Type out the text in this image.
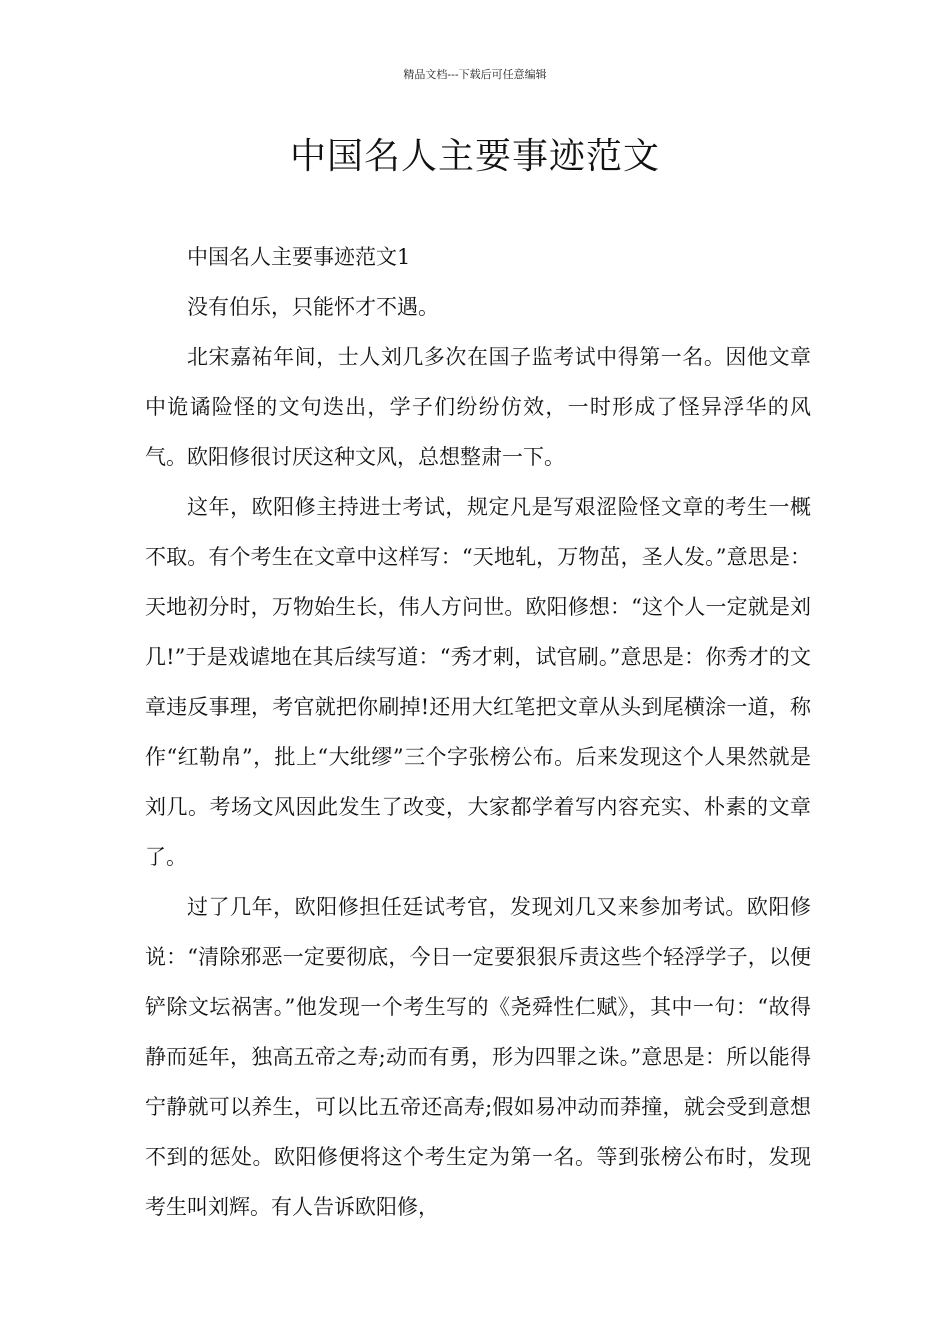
精品文档---下载后可任意编辑
中国名人主要事迹范文

中国名人主要事迹范文1

没有伯乐，只能怀才不遇。

北宋嘉祐年间，士人刘几多次在国子监考试中得第一名。因他文章中诡谲险怪的文句迭出，学子们纷纷仿效，一时形成了怪异浮华的风气。欧阳修很讨厌这种文风，总想整肃一下。

这年，欧阳修主持进士考试，规定凡是写艰涩险怪文章的考生一概不取。有个考生在文章中这样写：“天地轧，万物茁，圣人发。”意思是：天地初分时，万物始生长，伟人方问世。欧阳修想：“这个人一定就是刘几!”于是戏谑地在其后续写道：“秀才剌，试官刷。”意思是：你秀才的文章违反事理，考官就把你刷掉!还用大红笔把文章从头到尾横涂一道，称作“红勒帛”，批上“大纰缪”三个字张榜公布。后来发现这个人果然就是刘几。考场文风因此发生了改变，大家都学着写内容充实、朴素的文章了。

过了几年，欧阳修担任廷试考官，发现刘几又来参加考试。欧阳修说：“清除邪恶一定要彻底，今日一定要狠狠斥责这些个轻浮学子，以便铲除文坛祸害。”他发现一个考生写的《尧舜性仁赋》，其中一句：“故得静而延年，独高五帝之寿;动而有勇，形为四罪之诛。”意思是：所以能得宁静就可以养生，可以比五帝还高寿;假如易冲动而莽撞，就会受到意想不到的惩处。欧阳修便将这个考生定为第一名。等到张榜公布时，发现考生叫刘辉。有人告诉欧阳修，
